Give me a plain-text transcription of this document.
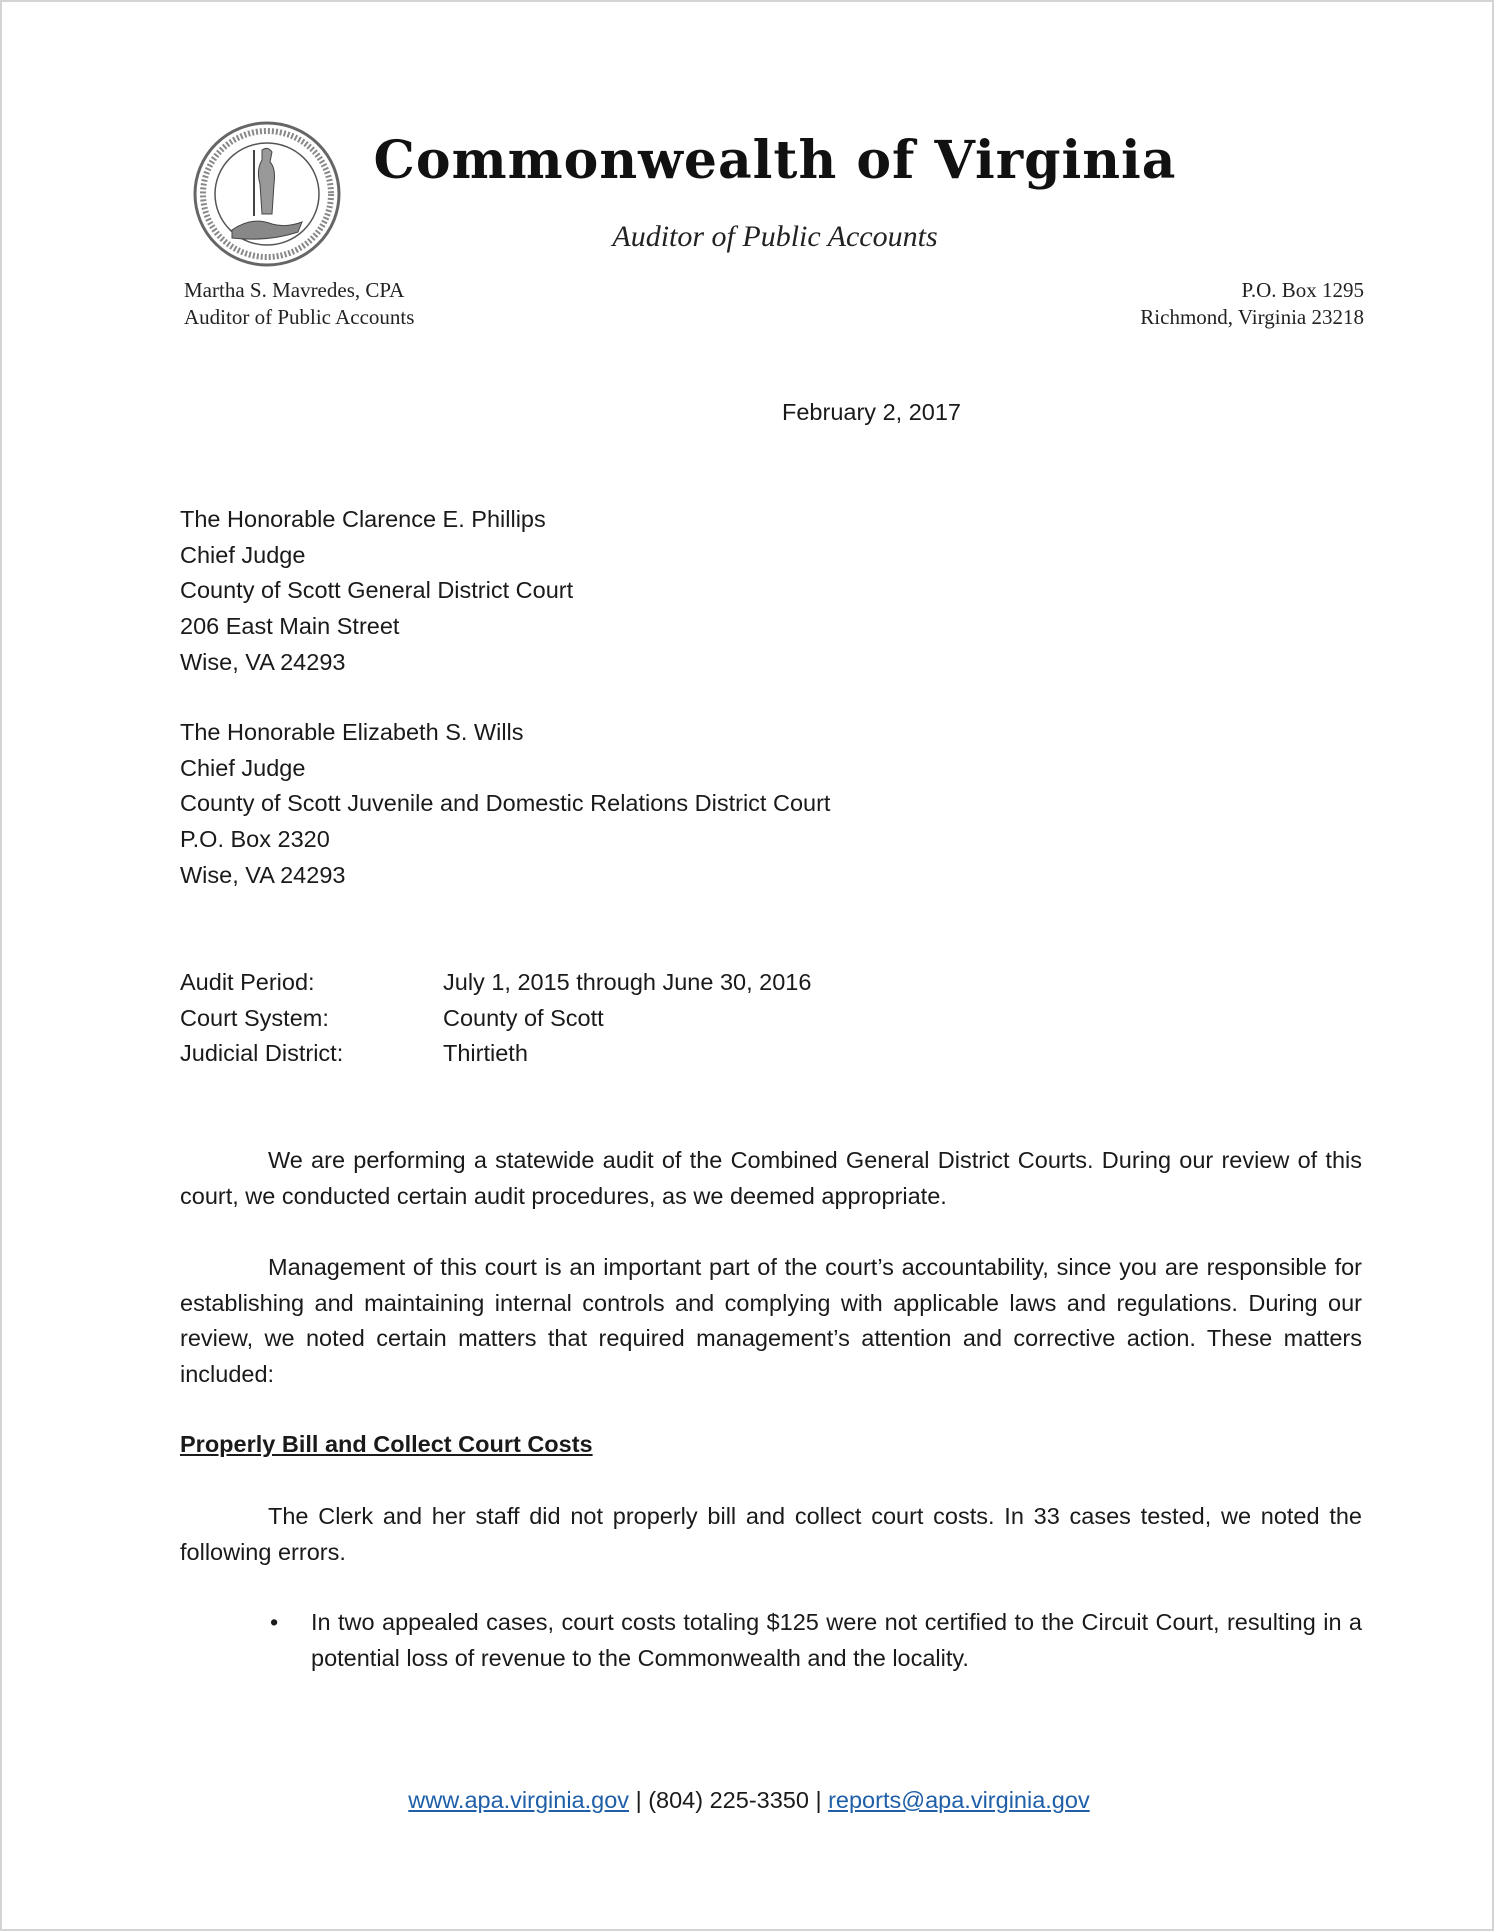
Commonwealth of Virginia
Auditor of Public Accounts
Martha S. Mavredes, CPA
Auditor of Public Accounts
P.O. Box 1295
Richmond, Virginia 23218
February 2, 2017
The Honorable Clarence E. Phillips
Chief Judge
County of Scott General District Court
206 East Main Street
Wise, VA 24293
The Honorable Elizabeth S. Wills
Chief Judge
County of Scott Juvenile and Domestic Relations District Court
P.O. Box 2320
Wise, VA 24293
Audit Period:	July 1, 2015 through June 30, 2016
Court System:	County of Scott
Judicial District:	Thirtieth

We are performing a statewide audit of the Combined General District Courts. During our review of this court, we conducted certain audit procedures, as we deemed appropriate.

Management of this court is an important part of the court’s accountability, since you are responsible for establishing and maintaining internal controls and complying with applicable laws and regulations. During our review, we noted certain matters that required management’s attention and corrective action. These matters included:

Properly Bill and Collect Court Costs

The Clerk and her staff did not properly bill and collect court costs. In 33 cases tested, we noted the following errors.

• In two appealed cases, court costs totaling $125 were not certified to the Circuit Court, resulting in a potential loss of revenue to the Commonwealth and the locality.
www.apa.virginia.gov | (804) 225-3350 | reports@apa.virginia.gov
